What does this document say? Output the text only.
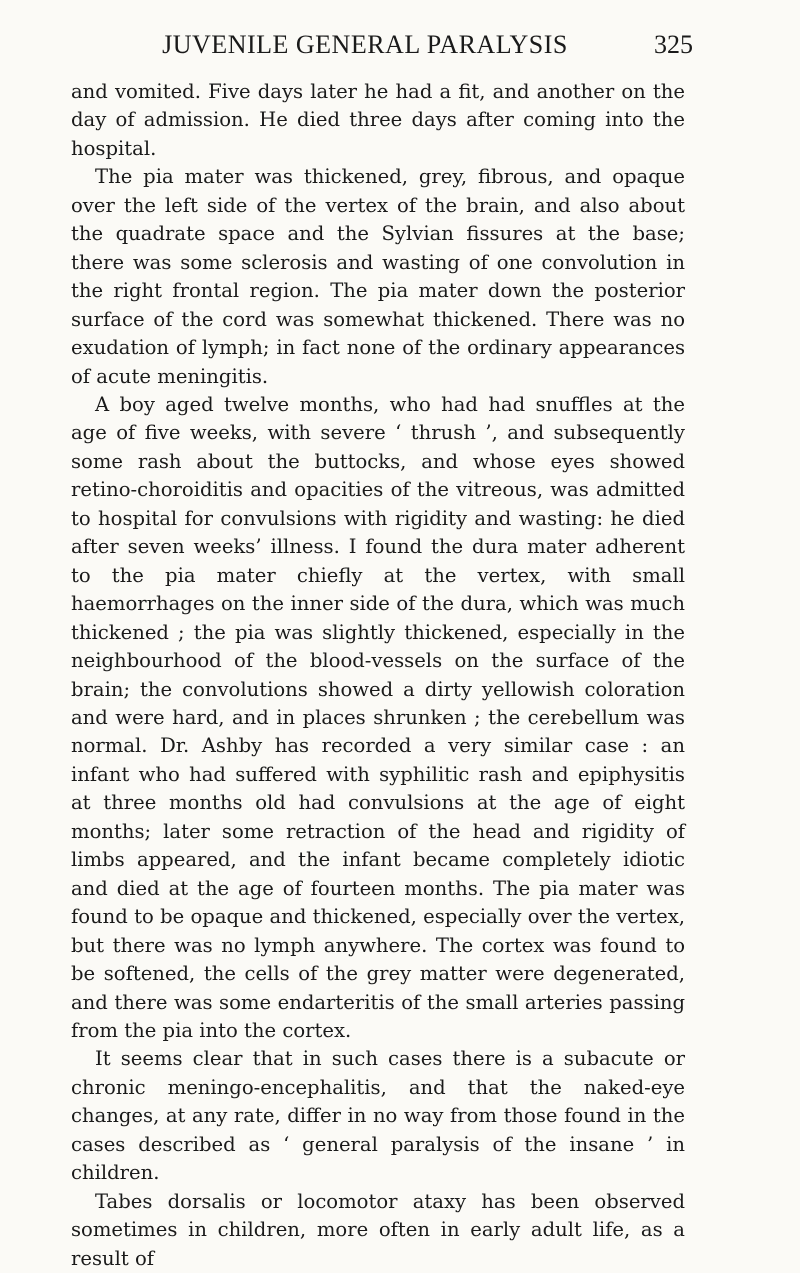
JUVENILE GENERAL PARALYSIS	325

and vomited. Five days later he had a fit, and another on the day of admission. He died three days after coming into the hospital.

The pia mater was thickened, grey, fibrous, and opaque over the left side of the vertex of the brain, and also about the quadrate space and the Sylvian fissures at the base; there was some sclerosis and wasting of one convolution in the right frontal region. The pia mater down the posterior surface of the cord was somewhat thickened. There was no exudation of lymph; in fact none of the ordinary appearances of acute meningitis.

A boy aged twelve months, who had had snuffles at the age of five weeks, with severe ‘ thrush ’, and subsequently some rash about the buttocks, and whose eyes showed retino-choroiditis and opacities of the vitreous, was admitted to hospital for convulsions with rigidity and wasting: he died after seven weeks’ illness. I found the dura mater adherent to the pia mater chiefly at the vertex, with small haemorrhages on the inner side of the dura, which was much thickened ; the pia was slightly thickened, especially in the neighbourhood of the blood-vessels on the surface of the brain; the convolutions showed a dirty yellowish coloration and were hard, and in places shrunken ; the cerebellum was normal. Dr. Ashby has recorded a very similar case : an infant who had suffered with syphilitic rash and epiphysitis at three months old had convulsions at the age of eight months; later some retraction of the head and rigidity of limbs appeared, and the infant became completely idiotic and died at the age of fourteen months. The pia mater was found to be opaque and thickened, especially over the vertex, but there was no lymph anywhere. The cortex was found to be softened, the cells of the grey matter were degenerated, and there was some endarteritis of the small arteries passing from the pia into the cortex.

It seems clear that in such cases there is a subacute or chronic meningo-encephalitis, and that the naked-eye changes, at any rate, differ in no way from those found in the cases described as ‘ general paralysis of the insane ’ in children.

Tabes dorsalis or locomotor ataxy has been observed sometimes in children, more often in early adult life, as a result of
